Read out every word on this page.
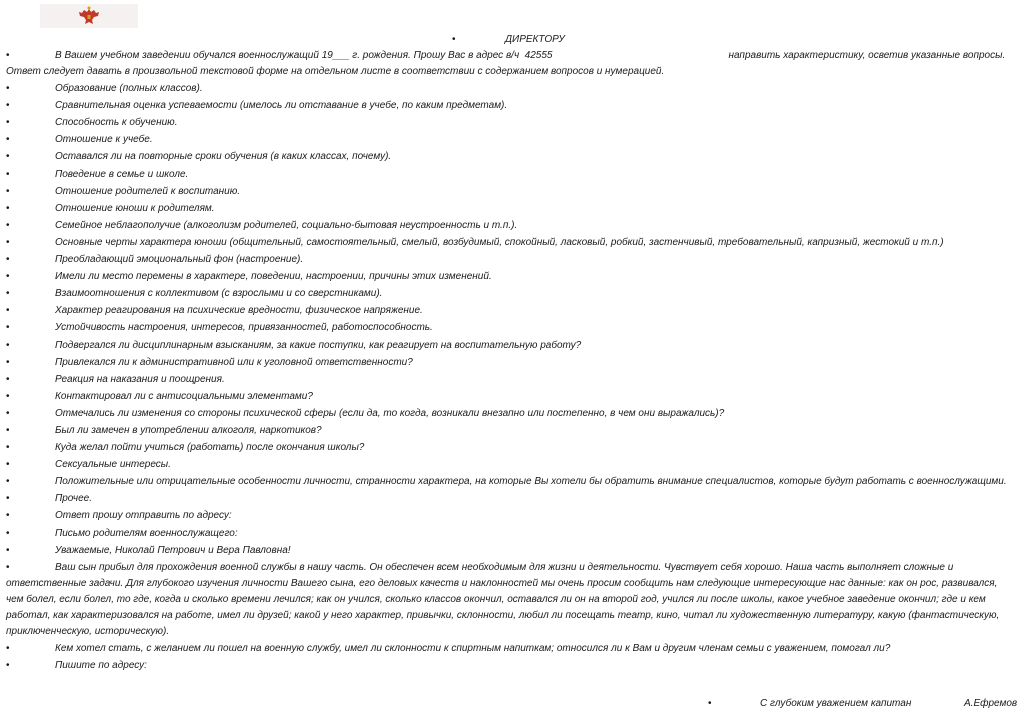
•	ДИРЕКТОРУ
•	В Вашем учебном заведении обучался военнослужащий 19___ г. рождения. Прошу Вас в адрес в/ч  42555	направить характеристику, осветив указанные вопросы. Ответ следует давать в произвольной текстовой форме на отдельном листе в соответствии с содержанием вопросов и нумерацией.
•	Образование (полных классов).
•	Сравнительная оценка успеваемости (имелось ли отставание в учебе, по каким предметам).
•	Способность к обучению.
•	Отношение к учебе.
•	Оставался ли на повторные сроки обучения (в каких классах, почему).
•	Поведение в семье и школе.
•	Отношение родителей к воспитанию.
•	Отношение юноши к родителям.
•	Семейное неблагополучие (алкоголизм родителей, социально-бытовая неустроенность и т.п.).
•	Основные черты характера юноши (общительный, самостоятельный, смелый, возбудимый, спокойный, ласковый, робкий, застенчивый, требовательный, капризный, жестокий и т.п.)
•	Преобладающий эмоциональный фон (настроение).
•	Имели ли место перемены в характере, поведении, настроении, причины этих изменений.
•	Взаимоотношения с коллективом (с взрослыми и со сверстниками).
•	Характер реагирования на психические вредности, физическое напряжение.
•	Устойчивость настроения, интересов, привязанностей, работоспособность.
•	Подвергался ли дисциплинарным взысканиям, за какие поступки, как реагирует на воспитательную работу?
•	Привлекался ли к административной или к уголовной ответственности?
•	Реакция на наказания и поощрения.
•	Контактировал ли с антисоциальными элементами?
•	Отмечались ли изменения со стороны психической сферы (если да, то когда, возникали внезапно или постепенно, в чем они выражались)?
•	Был ли замечен в употреблении алкоголя, наркотиков?
•	Куда желал пойти учиться (работать) после окончания школы?
•	Сексуальные интересы.
•	Положительные или отрицательные особенности личности, странности характера, на которые Вы хотели бы обратить внимание специалистов, которые будут работать с военнослужащими.
•	Прочее.
•	Ответ прошу отправить по адресу:
•	Письмо родителям военнослужащего:
•	Уважаемые, Николай Петрович и Вера Павловна!
•	Ваш сын прибыл для прохождения военной службы в нашу часть. Он обеспечен всем необходимым для жизни и деятельности. Чувствует себя хорошо. Наша часть выполняет сложные и ответственные задачи. Для глубокого изучения личности Вашего сына, его деловых качеств и наклонностей мы очень просим сообщить нам следующие интересующие нас данные: как он рос, развивался, чем болел, если болел, то где, когда и сколько времени лечился; как он учился, сколько классов окончил, оставался ли он на второй год, учился ли после школы, какое учебное заведение окончил; где и кем работал, как характеризовался на работе, имел ли друзей; какой у него характер, привычки, склонности, любил ли посещать театр, кино, читал ли художественную литературу, какую (фантастическую, приключенческую, историческую).
•	Кем хотел стать, с желанием ли пошел на военную службу, имел ли склонности к спиртным напиткам; относился ли к Вам и другим членам семьи с уважением, помогал ли?
•	Пишите по адресу:
•	С глубоким уважением капитан	А.Ефремов
